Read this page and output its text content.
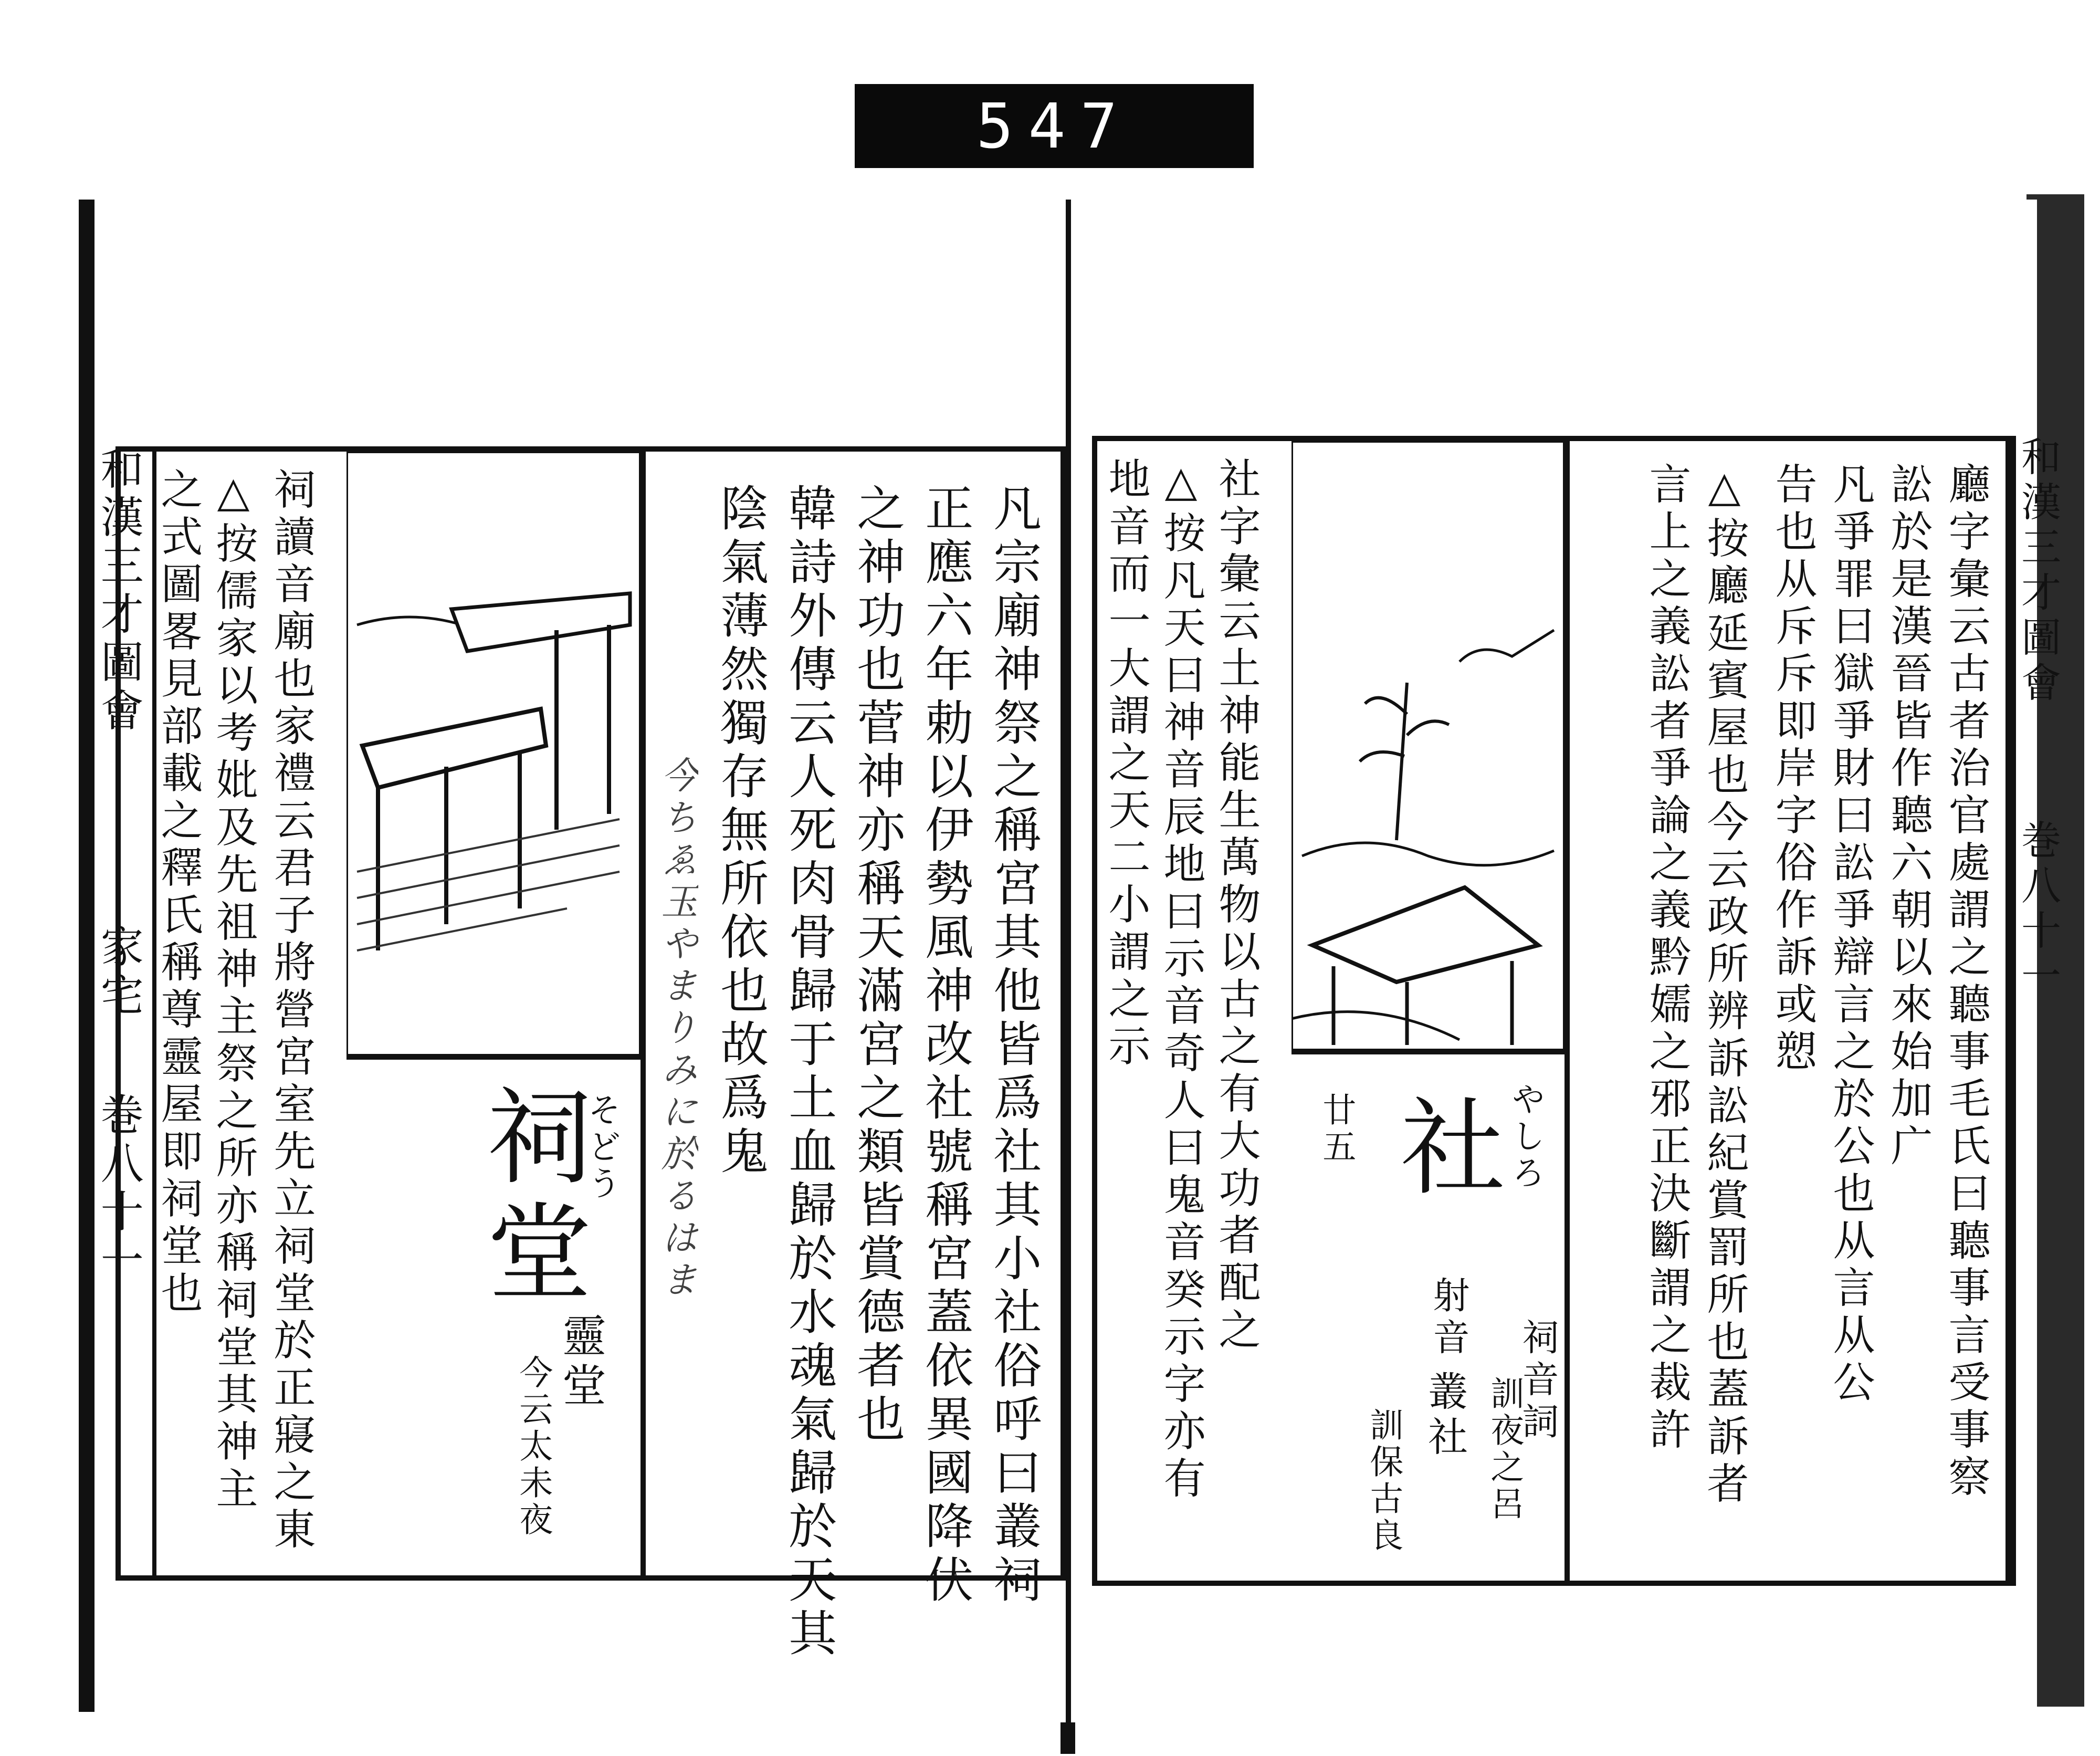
547
和漢三才圖會
家宅
巻八十一	凡宗廟神祭之稱宮其他皆爲社其小社俗呼曰叢祠
正應六年勅以伊勢風神改社號稱宮蓋依異國降伏
之神功也菅神亦稱天滿宮之類皆賞德者也
韓詩外傳云人死肉骨歸于土血歸於水魂氣歸於天其
陰氣薄然獨存無所依也故爲鬼
今ちゑ玉やまりみに於るはま
祠讀音廟也家禮云君子將營宮室先立祠堂於正寢之東
△按儒家以考妣及先祖神主祭之所亦稱祠堂其神主
之式圖畧見部載之釋氏稱尊靈屋即祠堂也	祠堂
そどう
靈堂
今云太未夜
和漢三才圖會
巻八十一
廳字彙云古者治官處謂之聽事毛氏曰聽事言受事察
訟於是漢晉皆作聽六朝以來始加广
凡爭罪曰獄爭財曰訟爭辯言之於公也从言从公
告也从斥斥即岸字俗作訴或愬
△按廳延賓屋也今云政所辨訴訟紀賞罰所也蓋訴者
言上之義訟者爭論之義黔嬬之邪正決斷謂之裁許
社字彙云土神能生萬物以古之有大功者配之
△按凡天曰神音辰地曰示音奇人曰鬼音癸示字亦有
地音而一大謂之天二小謂之示
社 やしろ
射音
廿五
祠音詞
訓夜之呂
叢社
訓保古良
